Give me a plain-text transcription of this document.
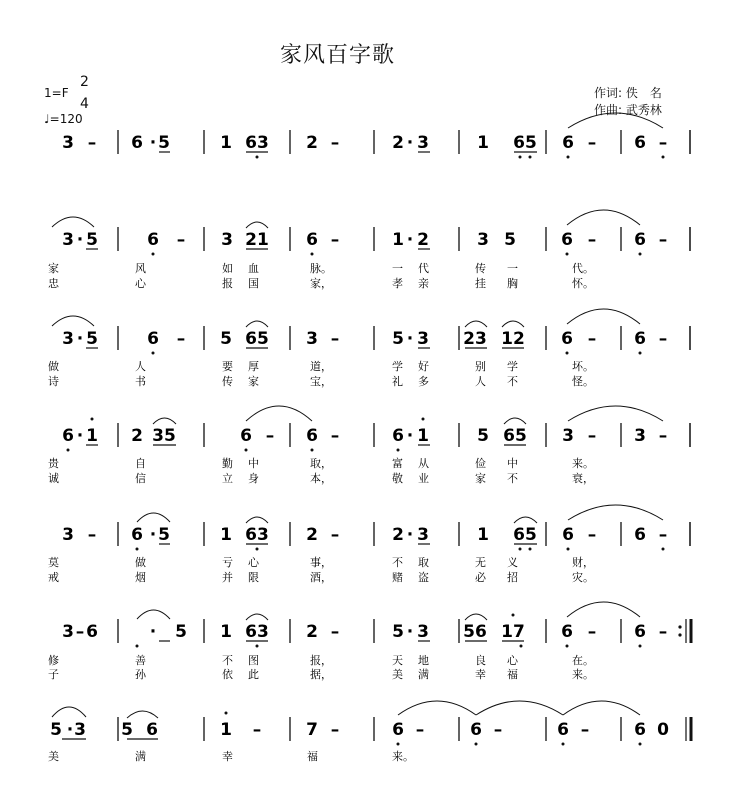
家风百字歌
1=F
2
4
♩=120
作词: 佚　名
作曲: 武秀林
3 – 6 · 5	1 63 2 –	2 · 3	1 65 6 – 6 –
3 · 5	6 – 3 21 6 –	1 · 2	3 5	6 – 6 –
家	风	如 血	脉。	一 代	传 一	代。
忠	心	报 国	家，	孝 亲	挂 胸	怀。
3 · 5	6 – 5 65 3 –	5 · 3 23 12 6 – 6 –
做	人	要 厚	道，	学 好	别 学	坏。
诗	书	传 家	宝，	礼 多	人 不	怪。
6 · 1 2 35	6 – 6 –	6 · 1	5 65 3 – 3 –
贵	自	勤 中	取，	富 从	俭 中	来。
诚	信	立 身	本，	敬 业	家 不	衰，
3 – 6 · 5	1 63 2 –	2 · 3	1 65 6 – 6 –
莫	做	亏 心	事，	不 取	无 义	财，
戒	烟	并 限	酒，	赌 盗	必 招	灾。
3 – 6	· 5 1 63 2 –	5 · 3 56 17 6 – 6 –
修	善	不 图	报，	天 地	良 心	在。
子	孙	依 此	据，	美 满	幸 福	来。
5 · 3 5 6	1 –	7 –	6 –	6 –	6 –	6 0
美	满	幸	福	来。
